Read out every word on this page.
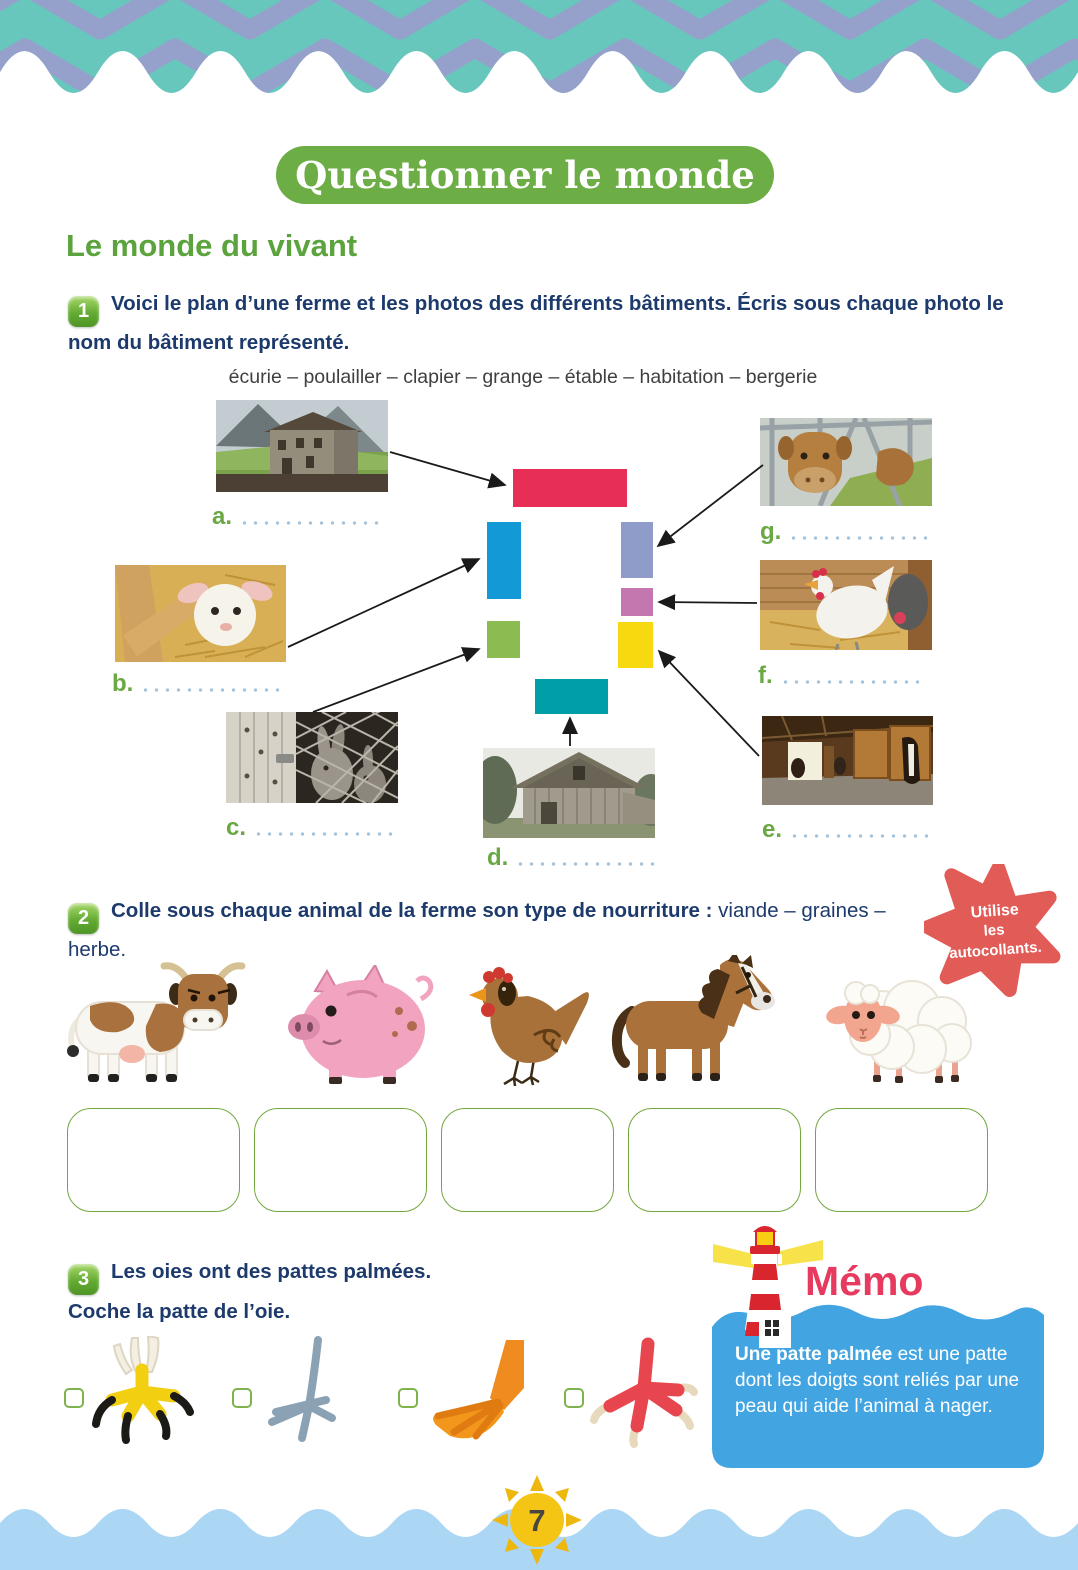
Questionner le monde
Le monde du vivant
1 Voici le plan d’une ferme et les photos des différents bâtiments. Écris sous chaque photo le nom du bâtiment représenté.
écurie – poulailler – clapier – grange – étable – habitation – bergerie
a.
g.
b.	f.
c.	e.
d.
2 Colle sous chaque animal de la ferme son type de nourriture : viande – graines – herbe.
Utilise
les
autocollants.
3 Les oies ont des pattes palmées.
Coche la patte de l’oie.
Mémo
Une patte palmée est une patte dont les doigts sont reliés par une peau qui aide l’animal à nager.
7
